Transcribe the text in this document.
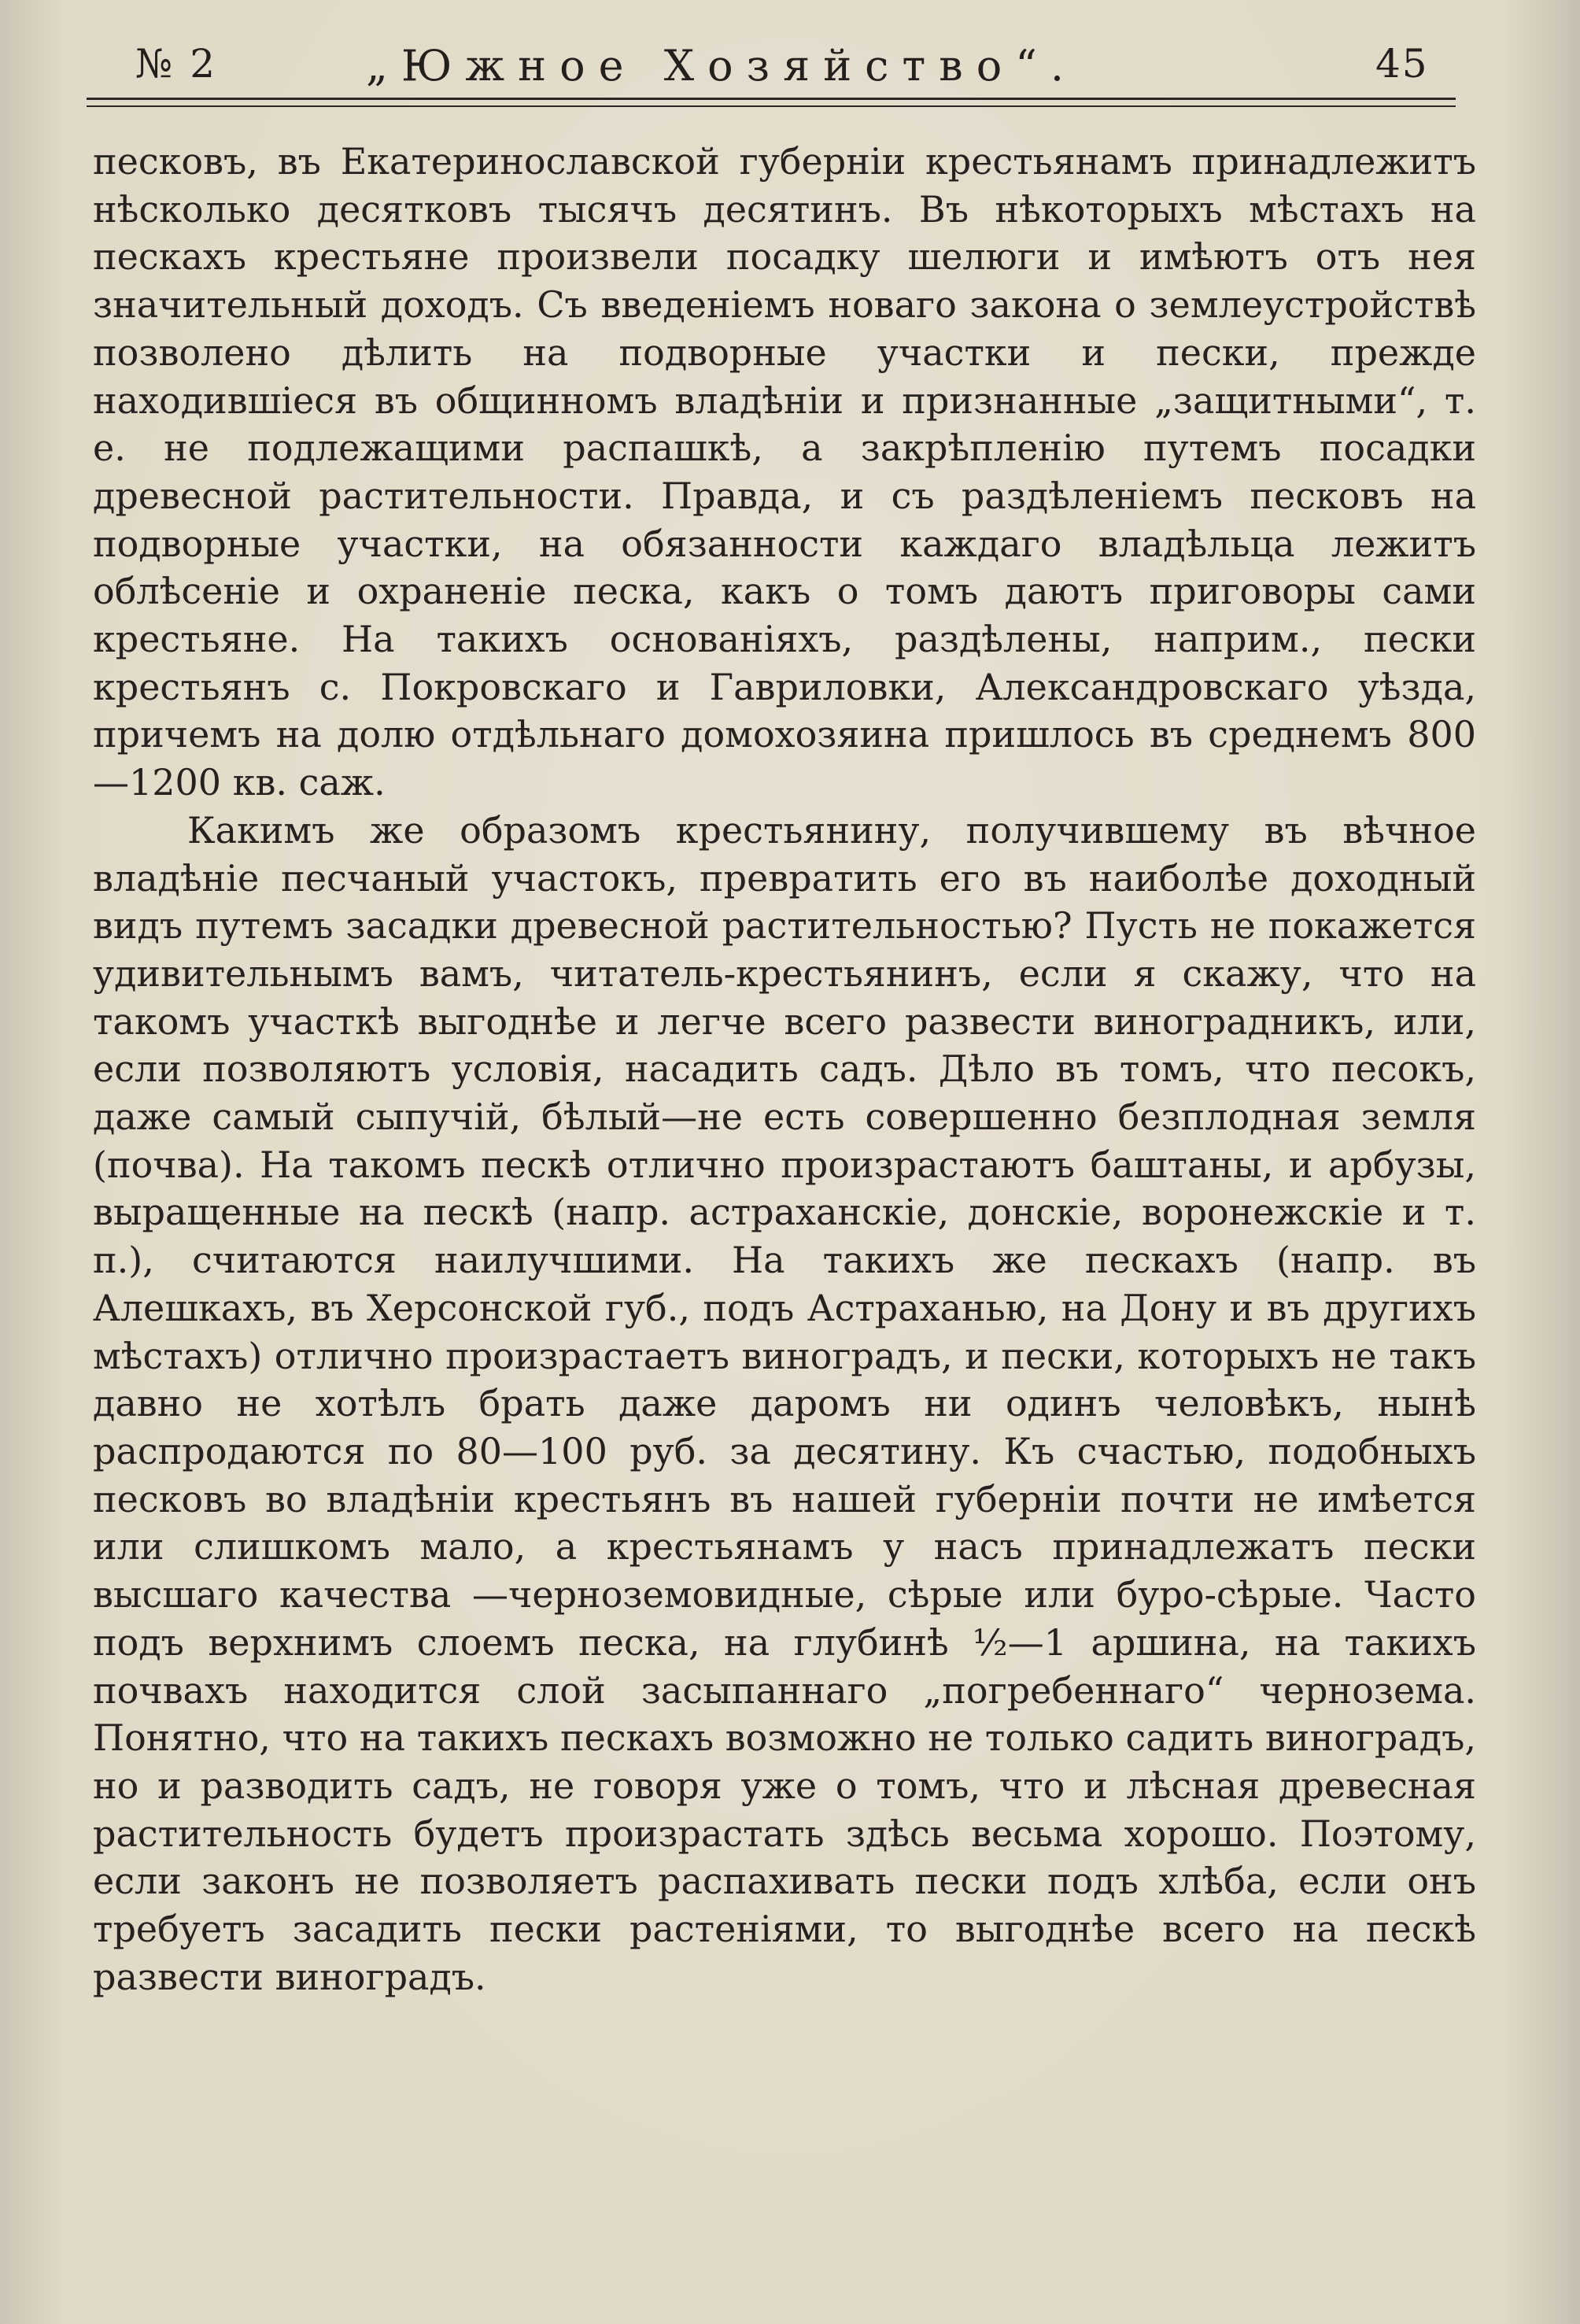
№ 2	„Южное Хозяйство“.	45

песковъ, въ Екатеринославской губерніи крестьянамъ принадлежитъ нѣсколько десятковъ тысячъ десятинъ. Въ нѣкоторыхъ мѣстахъ на пескахъ крестьяне произвели посадку шелюги и имѣютъ отъ нея значительный доходъ. Съ введеніемъ новаго закона о землеустройствѣ позволено дѣлить на подворные участки и пески, прежде находившіеся въ общинномъ владѣніи и признанные „защитными“, т. е. не подлежащими распашкѣ, а закрѣпленію путемъ посадки древесной растительности. Правда, и съ раздѣленіемъ песковъ на подворные участки, на обязанности каждаго владѣльца лежитъ облѣсеніе и охраненіе песка, какъ о томъ даютъ приговоры сами крестьяне. На такихъ основаніяхъ, раздѣлены, наприм., пески крестьянъ с. Покровскаго и Гавриловки, Александровскаго уѣзда, причемъ на долю отдѣльнаго домохозяина пришлось въ среднемъ 800—1200 кв. саж.

Какимъ же образомъ крестьянину, получившему въ вѣчное владѣніе песчаный участокъ, превратить его въ наиболѣе доходный видъ путемъ засадки древесной растительностью? Пусть не покажется удивительнымъ вамъ, читатель-крестьянинъ, если я скажу, что на такомъ участкѣ выгоднѣе и легче всего развести виноградникъ, или, если позволяютъ условія, насадить садъ. Дѣло въ томъ, что песокъ, даже самый сыпучій, бѣлый—не есть совершенно безплодная земля (почва). На такомъ пескѣ отлично произрастаютъ баштаны, и арбузы, выращенные на пескѣ (напр. астраханскіе, донскіе, воронежскіе и т. п.), считаются наилучшими. На такихъ же пескахъ (напр. въ Алешкахъ, въ Херсонской губ., подъ Астраханью, на Дону и въ другихъ мѣстахъ) отлично произрастаетъ виноградъ, и пески, которыхъ не такъ давно не хотѣлъ брать даже даромъ ни одинъ человѣкъ, нынѣ распродаются по 80—100 руб. за десятину. Къ счастью, подобныхъ песковъ во владѣніи крестьянъ въ нашей губерніи почти не имѣется или слишкомъ мало, а крестьянамъ у насъ принадлежатъ пески высшаго качества —черноземовидные, сѣрые или буро-сѣрые. Часто подъ верхнимъ слоемъ песка, на глубинѣ ½—1 аршина, на такихъ почвахъ находится слой засыпаннаго „погребеннаго“ чернозема. Понятно, что на такихъ пескахъ возможно не только садить виноградъ, но и разводить садъ, не говоря уже о томъ, что и лѣсная древесная растительность будетъ произрастать здѣсь весьма хорошо. Поэтому, если законъ не позволяетъ распахивать пески подъ хлѣба, если онъ требуетъ засадить пески растеніями, то выгоднѣе всего на пескѣ развести виноградъ.
